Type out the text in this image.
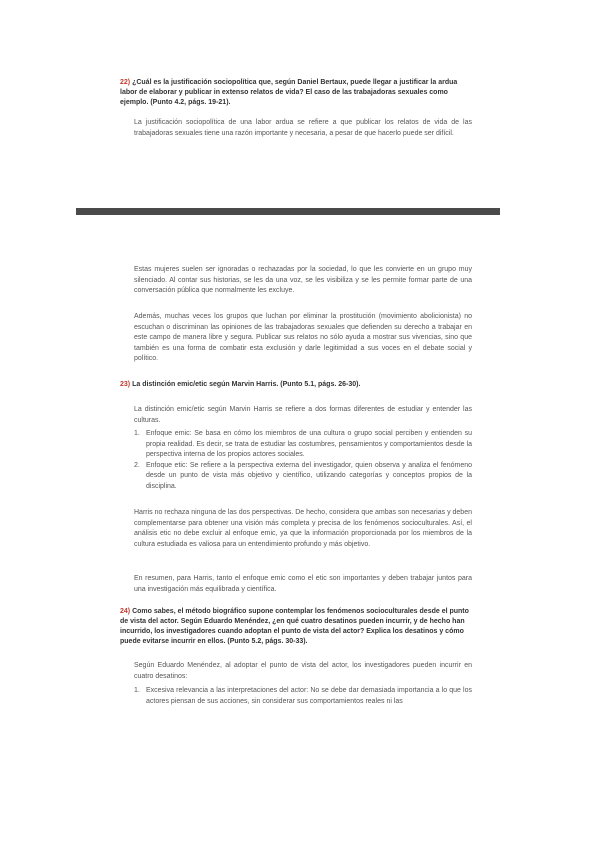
22) ¿Cuál es la justificación sociopolítica que, según Daniel Bertaux, puede llegar a justificar la ardua labor de elaborar y publicar in extenso relatos de vida? El caso de las trabajadoras sexuales como ejemplo. (Punto 4.2, págs. 19-21).
La justificación sociopolítica de una labor ardua se refiere a que publicar los relatos de vida de las trabajadoras sexuales tiene una razón importante y necesaria, a pesar de que hacerlo puede ser difícil.
Estas mujeres suelen ser ignoradas o rechazadas por la sociedad, lo que les convierte en un grupo muy silenciado. Al contar sus historias, se les da una voz, se les visibiliza y se les permite formar parte de una conversación pública que normalmente les excluye.
Además, muchas veces los grupos que luchan por eliminar la prostitución (movimiento abolicionista) no escuchan o discriminan las opiniones de las trabajadoras sexuales que defienden su derecho a trabajar en este campo de manera libre y segura. Publicar sus relatos no sólo ayuda a mostrar sus vivencias, sino que también es una forma de combatir esta exclusión y darle legitimidad a sus voces en el debate social y político.
23) La distinción emic/etic según Marvin Harris. (Punto 5.1, págs. 26-30).
La distinción emic/etic según Marvin Harris se refiere a dos formas diferentes de estudiar y entender las culturas.
1. Enfoque emic: Se basa en cómo los miembros de una cultura o grupo social perciben y entienden su propia realidad. Es decir, se trata de estudiar las costumbres, pensamientos y comportamientos desde la perspectiva interna de los propios actores sociales.
2. Enfoque etic: Se refiere a la perspectiva externa del investigador, quien observa y analiza el fenómeno desde un punto de vista más objetivo y científico, utilizando categorías y conceptos propios de la disciplina.
Harris no rechaza ninguna de las dos perspectivas. De hecho, considera que ambas son necesarias y deben complementarse para obtener una visión más completa y precisa de los fenómenos socioculturales. Así, el análisis etic no debe excluir al enfoque emic, ya que la información proporcionada por los miembros de la cultura estudiada es valiosa para un entendimiento profundo y más objetivo.
En resumen, para Harris, tanto el enfoque emic como el etic son importantes y deben trabajar juntos para una investigación más equilibrada y científica.
24) Como sabes, el método biográfico supone contemplar los fenómenos socioculturales desde el punto de vista del actor. Según Eduardo Menéndez, ¿en qué cuatro desatinos pueden incurrir, y de hecho han incurrido, los investigadores cuando adoptan el punto de vista del actor? Explica los desatinos y cómo puede evitarse incurrir en ellos. (Punto 5.2, págs. 30-33).
Según Eduardo Menéndez, al adoptar el punto de vista del actor, los investigadores pueden incurrir en cuatro desatinos:
1. Excesiva relevancia a las interpretaciones del actor: No se debe dar demasiada importancia a lo que los actores piensan de sus acciones, sin considerar sus comportamientos reales ni las
